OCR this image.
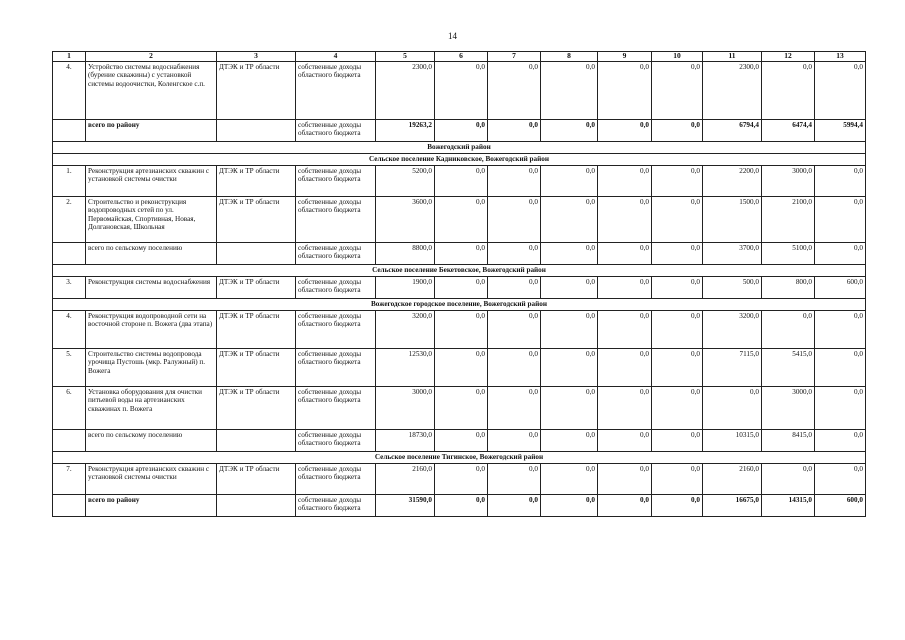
14
1	2	3	4	5	6	7	8	9	10	11	12	13
4.	Устройство системы водоснабжения (бурение скважины) с установкой системы водоочистки, Коленгское с.п.	ДТЭК и ТР области	собственные доходы областного бюджета	2300,0	0,0	0,0	0,0	0,0	0,0	2300,0	0,0	0,0
	всего по району		собственные доходы областного бюджета	19263,2	0,0	0,0	0,0	0,0	0,0	6794,4	6474,4	5994,4
Вожегодский район												
Сельское поселение Кадниковское, Вожегодский район												
1.	Реконструкция артезианских скважин с установкой системы очистки	ДТЭК и ТР области	собственные доходы областного бюджета	5200,0	0,0	0,0	0,0	0,0	0,0	2200,0	3000,0	0,0
2.	Строительство и реконструкция водопроводных сетей по ул. Первомайская, Спортивная, Новая, Долгановская, Школьная	ДТЭК и ТР области	собственные доходы областного бюджета	3600,0	0,0	0,0	0,0	0,0	0,0	1500,0	2100,0	0,0
	всего по сельскому поселению		собственные доходы областного бюджета	8800,0	0,0	0,0	0,0	0,0	0,0	3700,0	5100,0	0,0
Сельское поселение Бекетовское, Вожегодский район												
3.	Реконструкция системы водоснабжения	ДТЭК и ТР области	собственные доходы областного бюджета	1900,0	0,0	0,0	0,0	0,0	0,0	500,0	800,0	600,0
Вожегодское городское поселение, Вожегодский район												
4.	Реконструкция водопроводной сети на восточной стороне п. Вожега (два этапа)	ДТЭК и ТР области	собственные доходы областного бюджета	3200,0	0,0	0,0	0,0	0,0	0,0	3200,0	0,0	0,0
5.	Строительство системы водопровода урочища Пустошь (мкр. Ралужный) п. Вожега	ДТЭК и ТР области	собственные доходы областного бюджета	12530,0	0,0	0,0	0,0	0,0	0,0	7115,0	5415,0	0,0
6.	Установка оборудования для очистки питьевой воды на артезианских скважинах п. Вожега	ДТЭК и ТР области	собственные доходы областного бюджета	3000,0	0,0	0,0	0,0	0,0	0,0	0,0	3000,0	0,0
	всего по сельскому поселению		собственные доходы областного бюджета	18730,0	0,0	0,0	0,0	0,0	0,0	10315,0	8415,0	0,0
Сельское поселение Тигинское, Вожегодский район												
7.	Реконструкция артезианских скважин с установкой системы очистки	ДТЭК и ТР области	собственные доходы областного бюджета	2160,0	0,0	0,0	0,0	0,0	0,0	2160,0	0,0	0,0
	всего по району		собственные доходы областного бюджета	31590,0	0,0	0,0	0,0	0,0	0,0	16675,0	14315,0	600,0
